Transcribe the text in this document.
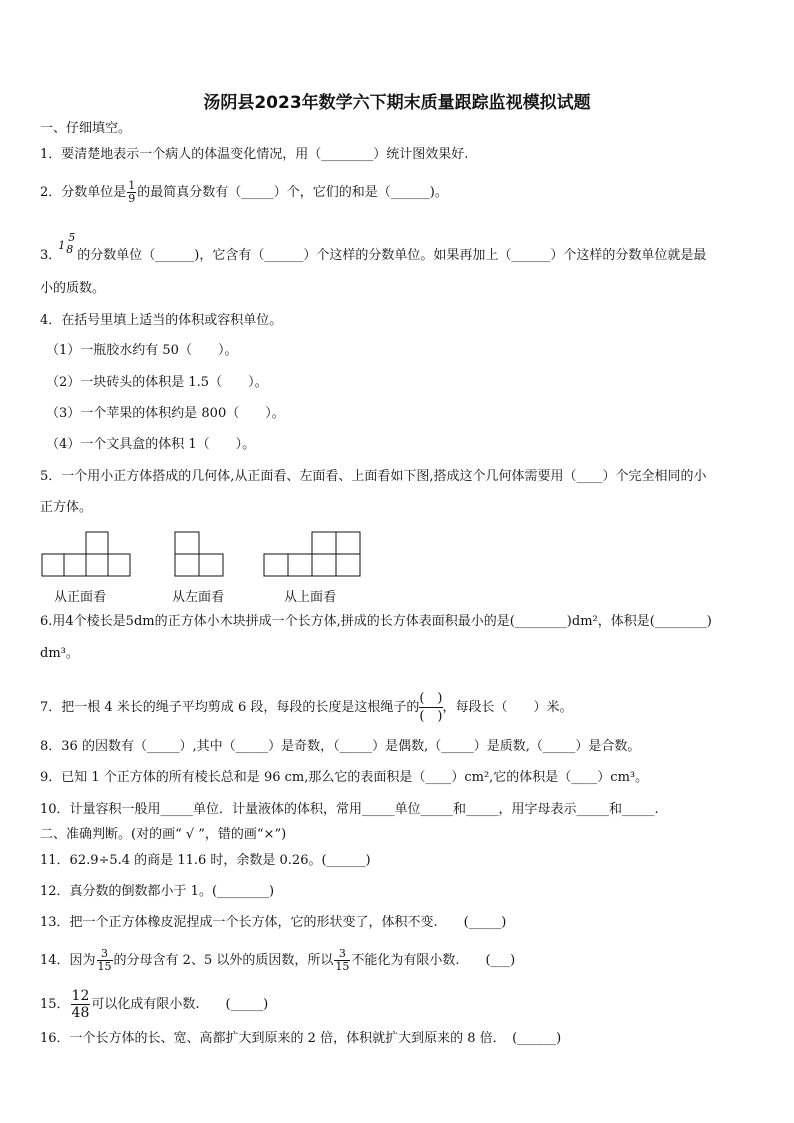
汤阴县2023年数学六下期末质量跟踪监视模拟试题
一、仔细填空。
1．要清楚地表示一个病人的体温变化情况，用（________）统计图效果好.
2．分数单位是 $\frac{1}{9}$ 的最简真分数有（_____）个，它们的和是（______)。
3．
1
5
8 的分数单位（______)，它含有（______）个这样的分数单位。如果再加上（______）个这样的分数单位就是最
小的质数。
4．在括号里填上适当的体积或容积单位。
（1）一瓶胶水约有 50（　　）。
（2）一块砖头的体积是 1.5（　　）。
（3）一个苹果的体积约是 800（　　）。
（4）一个文具盒的体积 1（　　）。
5．一个用小正方体搭成的几何体,从正面看、左面看、上面看如下图,搭成这个几何体需要用（____）个完全相同的小
正方体。
从正面看	从左面看	从上面看
6.用4个棱长是5dm的正方体小木块拼成一个长方体,拼成的长方体表面积最小的是(________)dm²，体积是(________)
dm³。
7．把一根 4 米长的绳子平均剪成 6 段，每段的长度是这根绳子的 $\frac{( )}{( )}$ ，每段长（　　）米。
8．36 的因数有（_____）,其中（_____）是奇数，（_____）是偶数,（_____）是质数,（_____）是合数。
9．已知 1 个正方体的所有棱长总和是 96 cm,那么它的表面积是（____）cm²,它的体积是（____）cm³。
10．计量容积一般用_____单位．计量液体的体积，常用_____单位_____和_____，用字母表示_____和_____.
二、准确判断。(对的画“ √ ”，错的画“×”)
11．62.9÷5.4 的商是 11.6 时，余数是 0.26。(______)
12．真分数的倒数都小于 1。(________)
13．把一个正方体橡皮泥捏成一个长方体，它的形状变了，体积不变.　　(_____)
14．因为 $\frac{3}{15}$ 的分母含有 2、5 以外的质因数，所以 $\frac{3}{15}$ 不能化为有限小数.　　(___)
15． $\frac{12}{48}$ 可以化成有限小数.　　(_____)
16．一个长方体的长、宽、高都扩大到原来的 2 倍，体积就扩大到原来的 8 倍．　(______)
